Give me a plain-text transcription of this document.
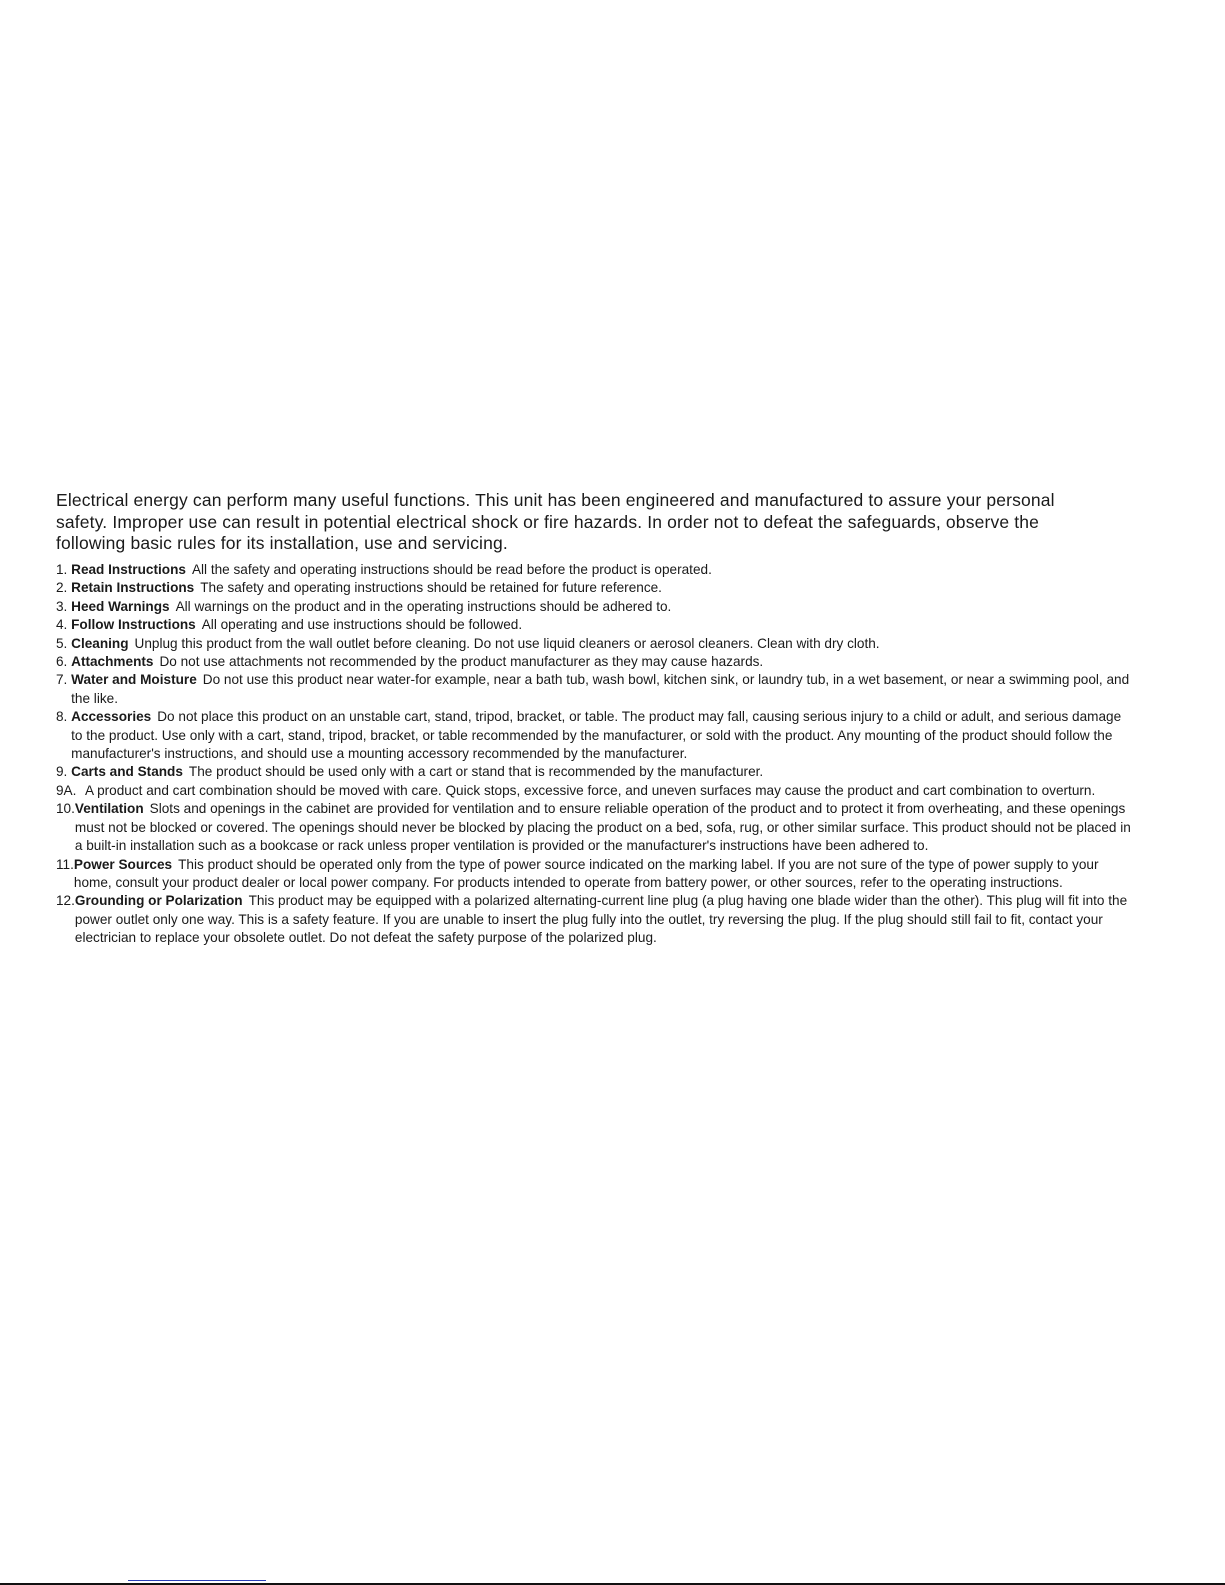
Electrical energy can perform many useful functions. This unit has been engineered and manufactured to assure your personal safety. Improper use can result in potential electrical shock or fire hazards. In order not to defeat the safeguards, observe the following basic rules for its installation, use and servicing.

1. Read Instructions All the safety and operating instructions should be read before the product is operated.
2. Retain Instructions The safety and operating instructions should be retained for future reference.
3. Heed Warnings All warnings on the product and in the operating instructions should be adhered to.
4. Follow Instructions All operating and use instructions should be followed.
5. Cleaning Unplug this product from the wall outlet before cleaning. Do not use liquid cleaners or aerosol cleaners. Clean with dry cloth.
6. Attachments Do not use attachments not recommended by the product manufacturer as they may cause hazards.
7. Water and Moisture Do not use this product near water-for example, near a bath tub, wash bowl, kitchen sink, or laundry tub, in a wet basement, or near a swimming pool, and the like.
8. Accessories Do not place this product on an unstable cart, stand, tripod, bracket, or table. The product may fall, causing serious injury to a child or adult, and serious damage to the product. Use only with a cart, stand, tripod, bracket, or table recommended by the manufacturer, or sold with the product. Any mounting of the product should follow the manufacturer's instructions, and should use a mounting accessory recommended by the manufacturer.
9. Carts and Stands The product should be used only with a cart or stand that is recommended by the manufacturer.
9A. A product and cart combination should be moved with care. Quick stops, excessive force, and uneven surfaces may cause the product and cart combination to overturn.
10. Ventilation Slots and openings in the cabinet are provided for ventilation and to ensure reliable operation of the product and to protect it from overheating, and these openings must not be blocked or covered. The openings should never be blocked by placing the product on a bed, sofa, rug, or other similar surface. This product should not be placed in a built-in installation such as a bookcase or rack unless proper ventilation is provided or the manufacturer's instructions have been adhered to.
11. Power Sources This product should be operated only from the type of power source indicated on the marking label. If you are not sure of the type of power supply to your home, consult your product dealer or local power company. For products intended to operate from battery power, or other sources, refer to the operating instructions.
12. Grounding or Polarization This product may be equipped with a polarized alternating-current line plug (a plug having one blade wider than the other). This plug will fit into the power outlet only one way. This is a safety feature. If you are unable to insert the plug fully into the outlet, try reversing the plug. If the plug should still fail to fit, contact your electrician to replace your obsolete outlet. Do not defeat the safety purpose of the polarized plug.
